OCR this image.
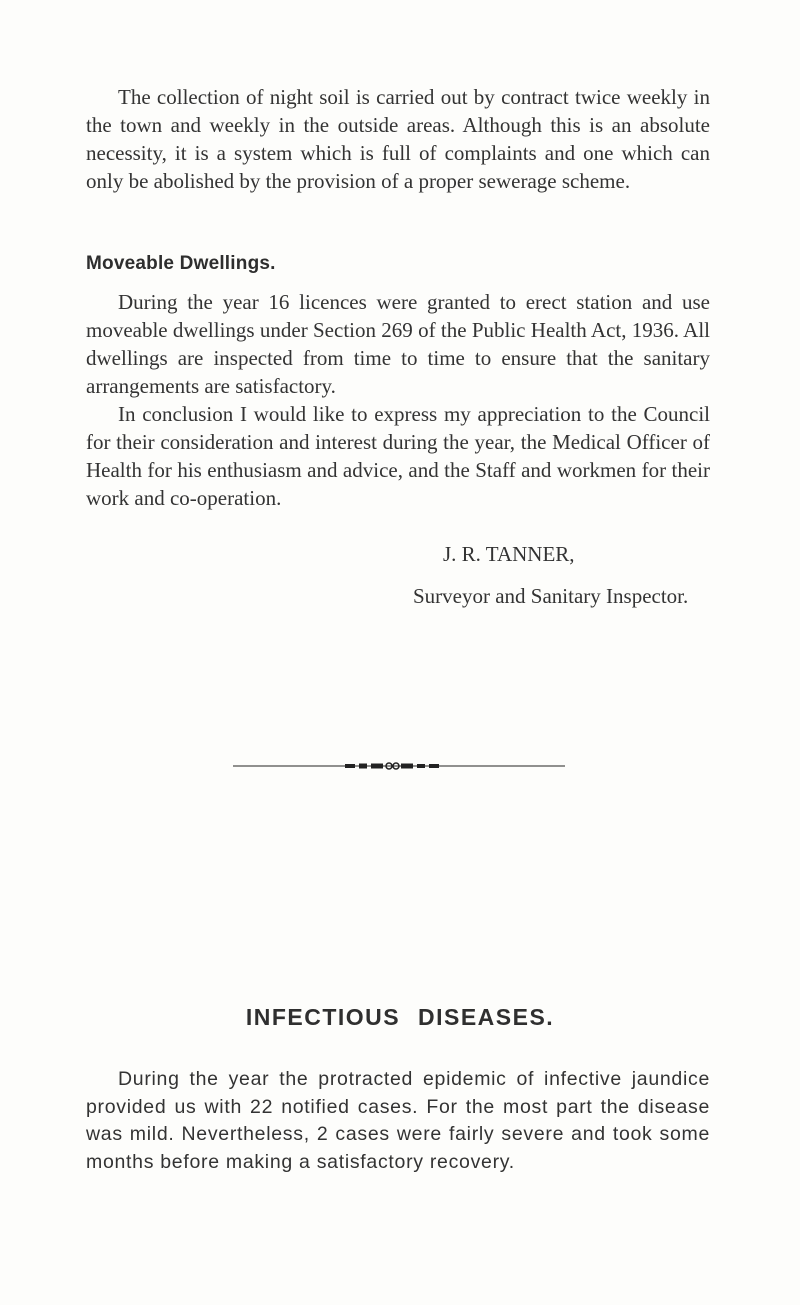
The collection of night soil is carried out by contract twice weekly in the town and weekly in the outside areas. Although this is an absolute necessity, it is a system which is full of complaints and one which can only be abolished by the provision of a proper sewerage scheme.

Moveable Dwellings.

During the year 16 licences were granted to erect station and use moveable dwellings under Section 269 of the Public Health Act, 1936. All dwellings are inspected from time to time to ensure that the sanitary arrangements are satisfactory.

In conclusion I would like to express my appreciation to the Council for their consideration and interest during the year, the Medical Officer of Health for his enthusiasm and advice, and the Staff and workmen for their work and co-operation.

J. R. TANNER,

Surveyor and Sanitary Inspector.

INFECTIOUS DISEASES.

During the year the protracted epidemic of infective jaundice provided us with 22 notified cases. For the most part the disease was mild. Nevertheless, 2 cases were fairly severe and took some months before making a satisfactory recovery.
